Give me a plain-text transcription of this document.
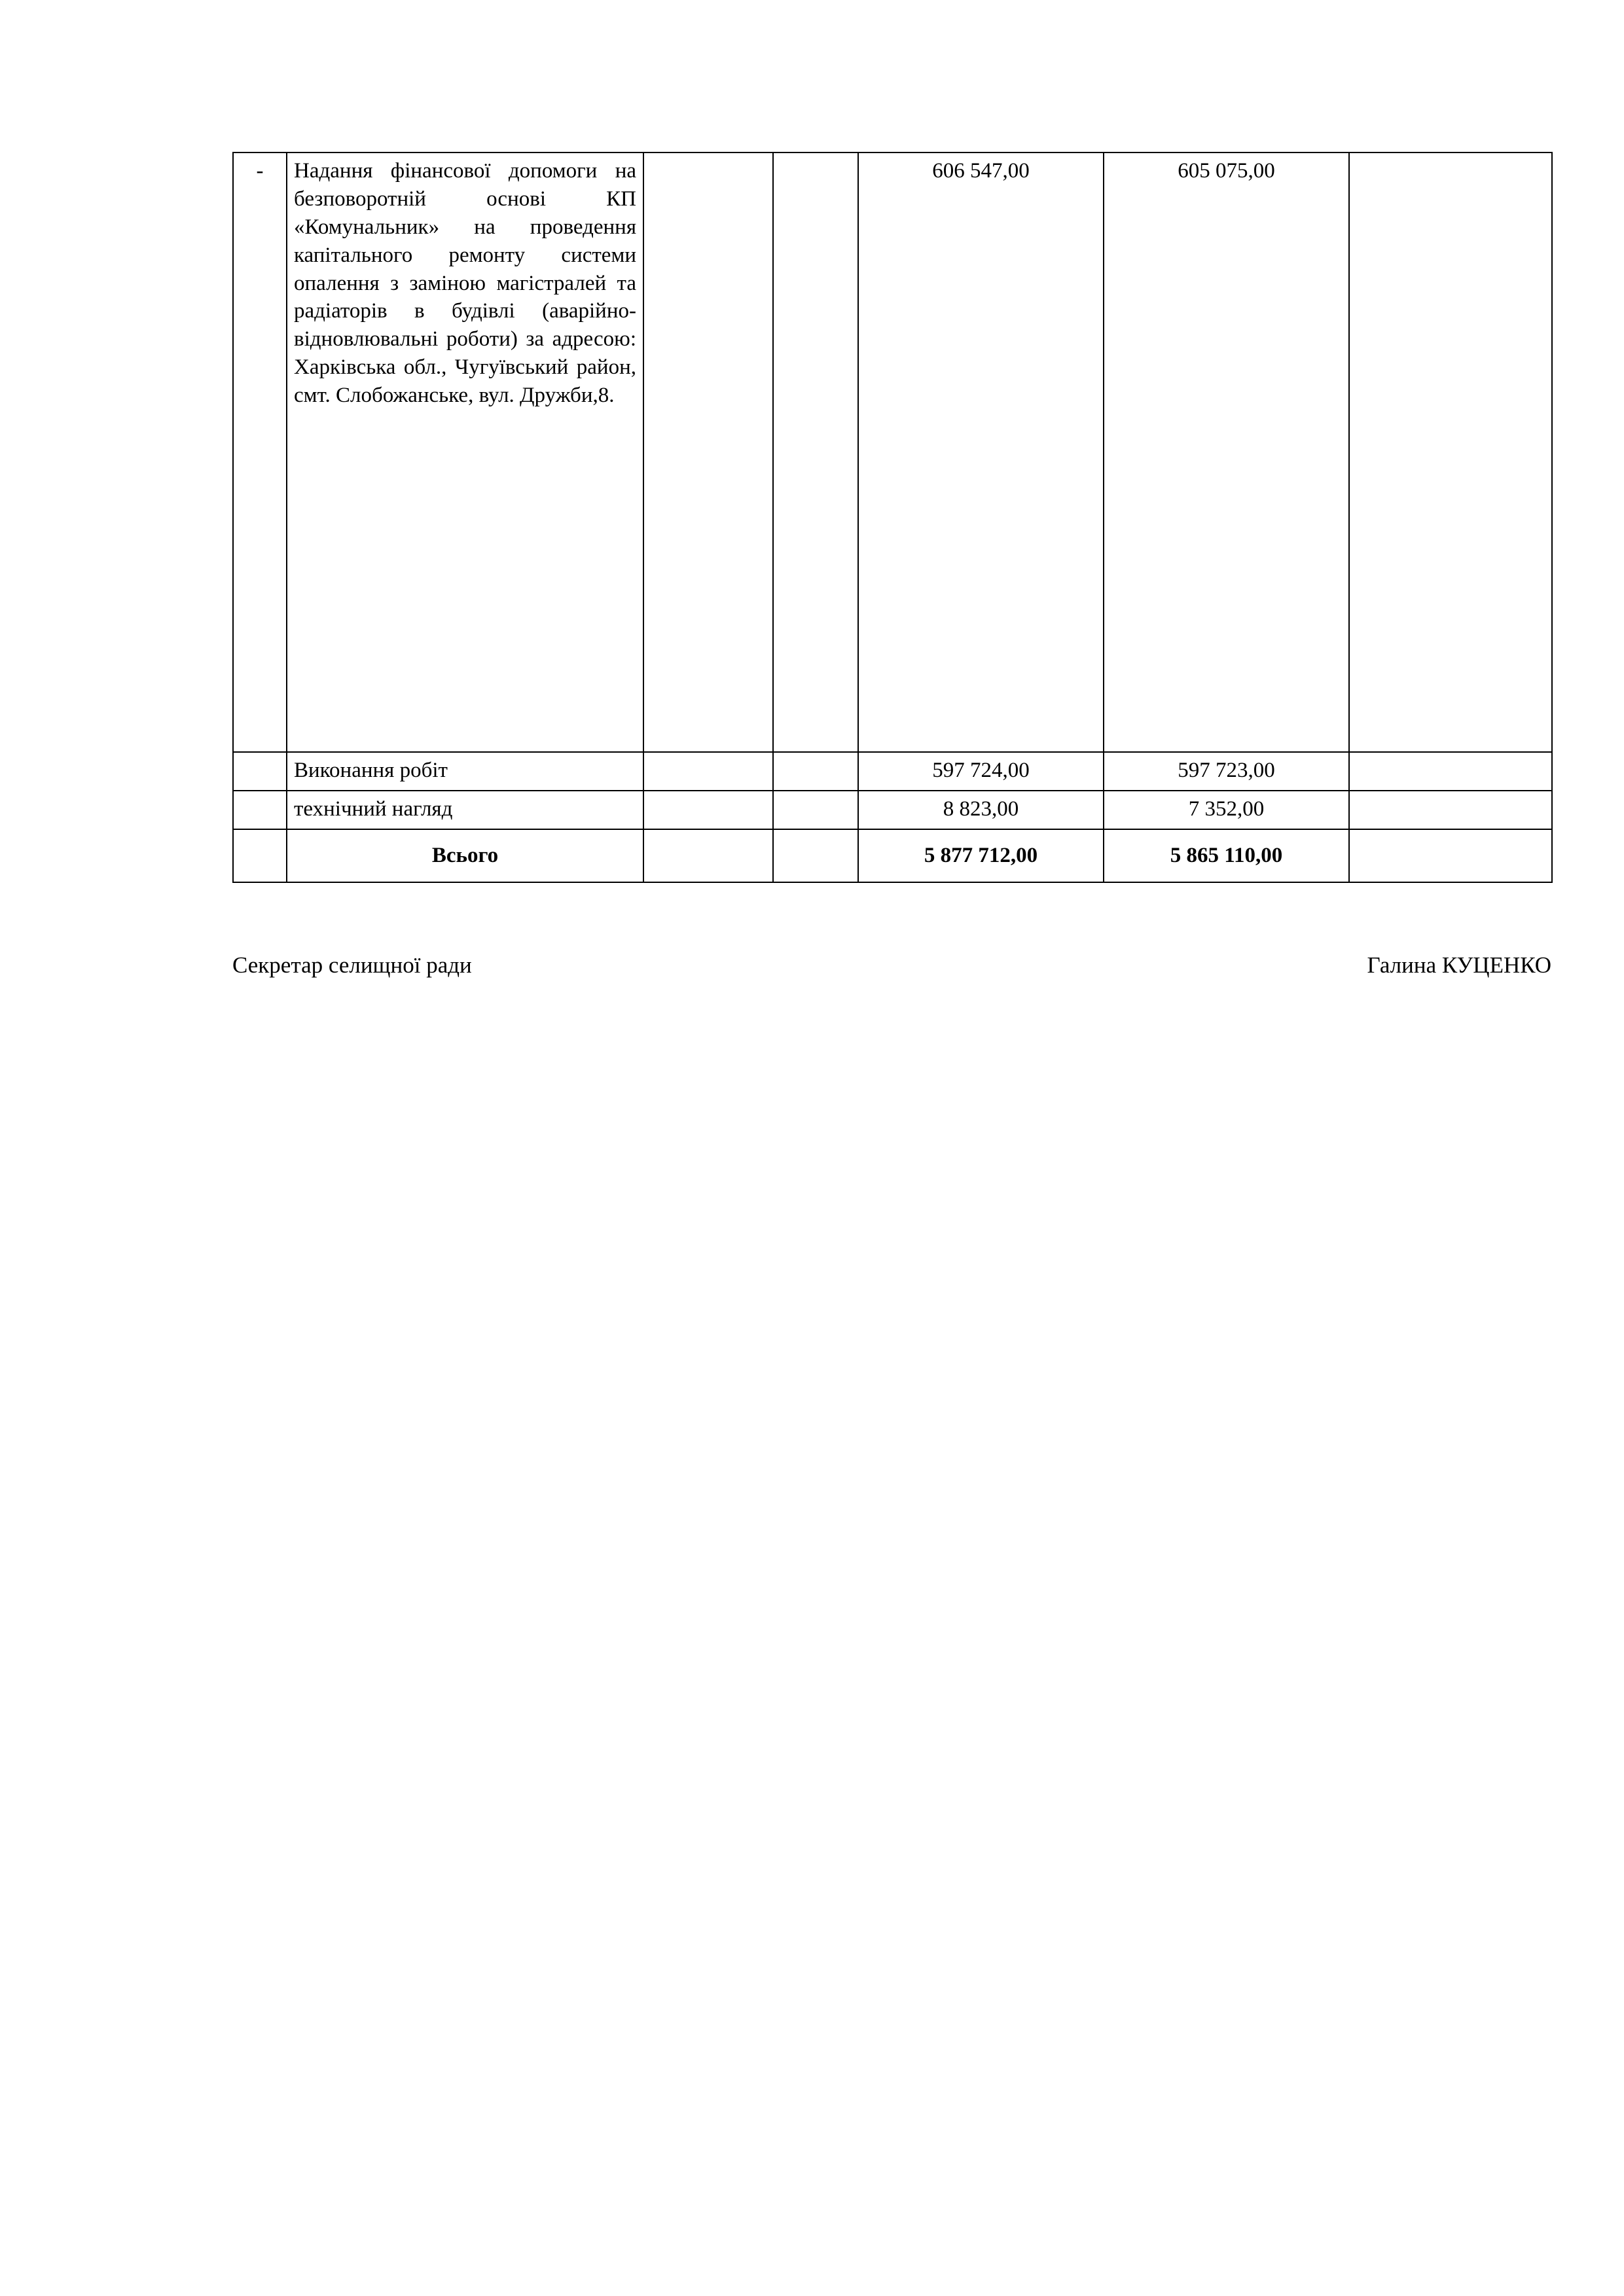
-	Надання фінансової допомоги на безповоротній основі КП «Комунальник» на проведення капітального ремонту системи опалення з заміною магістралей та радіаторів в будівлі (аварійно-відновлювальні роботи) за адресою: Харківська обл., Чугуївський район, смт. Слобожанське, вул. Дружби,8.			606 547,00	605 075,00	
	Виконання робіт			597 724,00	597 723,00	
	технічний нагляд			8 823,00	7 352,00	
	Всього			5 877 712,00	5 865 110,00	
Секретар селищної ради	Галина КУЦЕНКО
